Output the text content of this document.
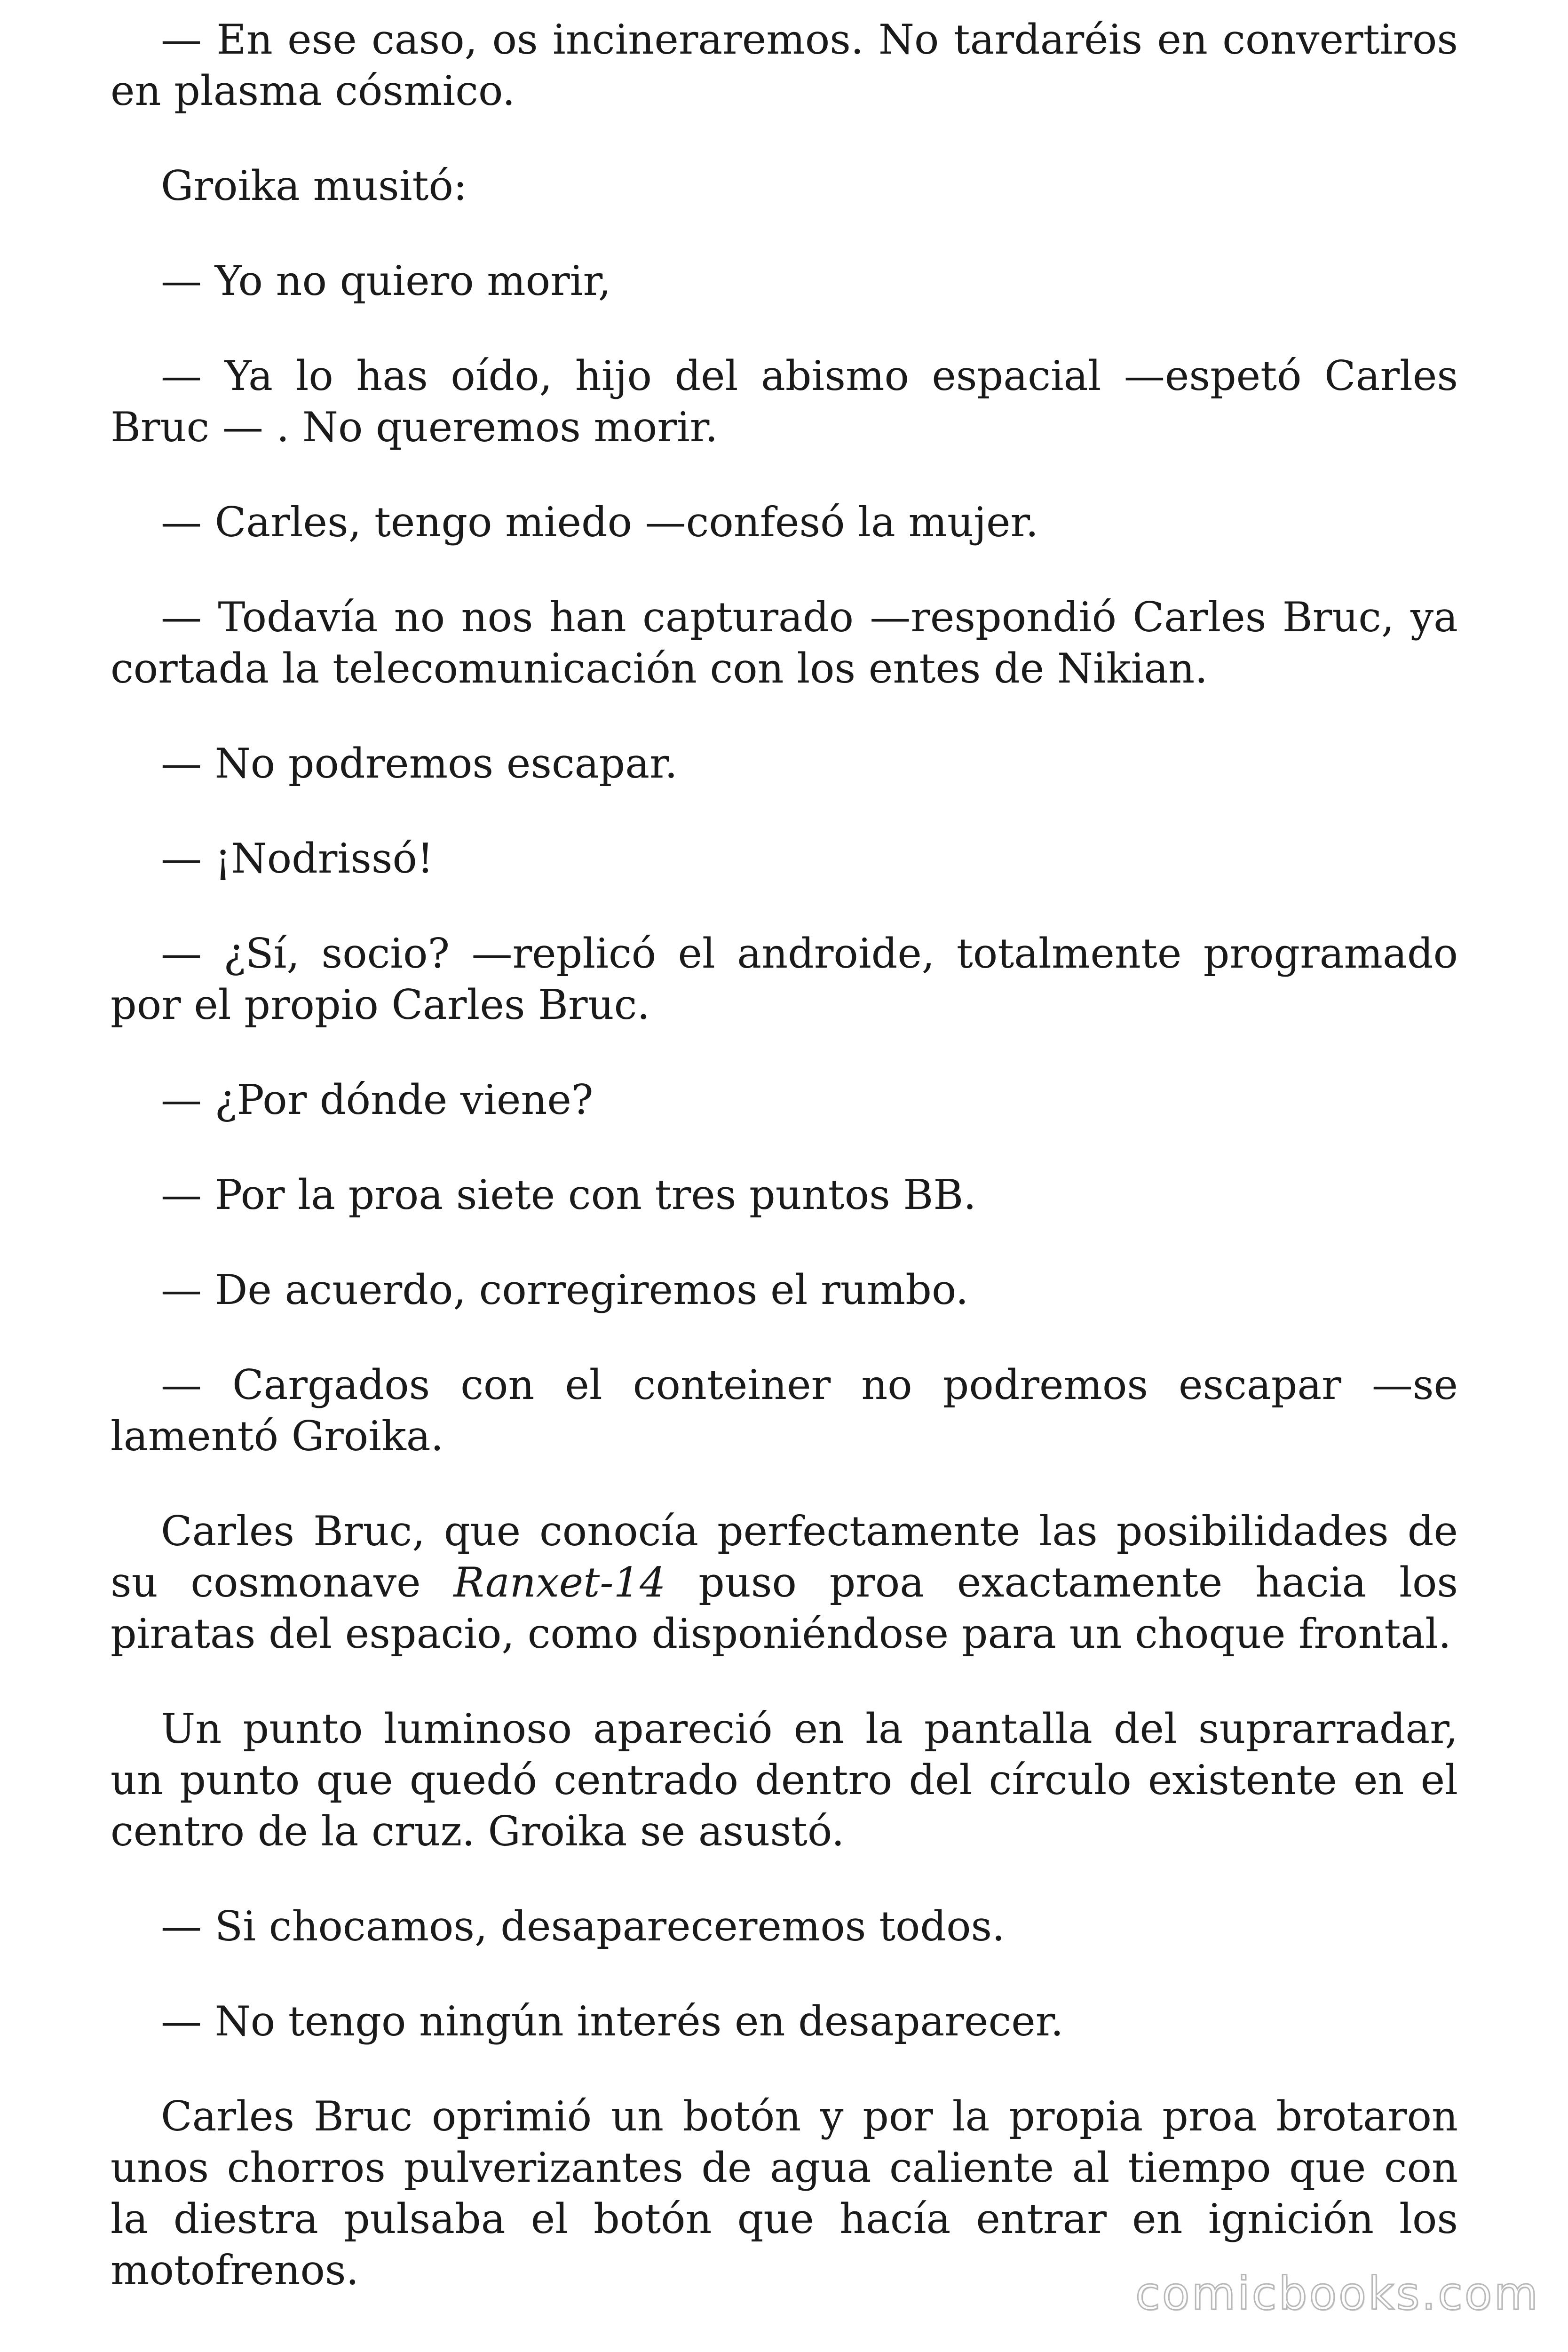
— En ese caso, os incineraremos. No tardaréis en convertiros en plasma cósmico.

Groika musitó:

— Yo no quiero morir,

— Ya lo has oído, hijo del abismo espacial —espetó Carles Bruc — . No queremos morir.

— Carles, tengo miedo —confesó la mujer.

— Todavía no nos han capturado —respondió Carles Bruc, ya cortada la telecomunicación con los entes de Nikian.

— No podremos escapar.

— ¡Nodrissó!

— ¿Sí, socio? —replicó el androide, totalmente programado por el propio Carles Bruc.

— ¿Por dónde viene?

— Por la proa siete con tres puntos BB.

— De acuerdo, corregiremos el rumbo.

— Cargados con el conteiner no podremos escapar —se lamentó Groika.

Carles Bruc, que conocía perfectamente las posibilidades de su cosmonave Ranxet-14 puso proa exactamente hacia los piratas del espacio, como disponiéndose para un choque frontal.

Un punto luminoso apareció en la pantalla del suprarradar, un punto que quedó centrado dentro del círculo existente en el centro de la cruz. Groika se asustó.

— Si chocamos, desapareceremos todos.

— No tengo ningún interés en desaparecer.

Carles Bruc oprimió un botón y por la propia proa brotaron unos chorros pulverizantes de agua caliente al tiempo que con la diestra pulsaba el botón que hacía entrar en ignición los motofrenos.	comicbooks.com
